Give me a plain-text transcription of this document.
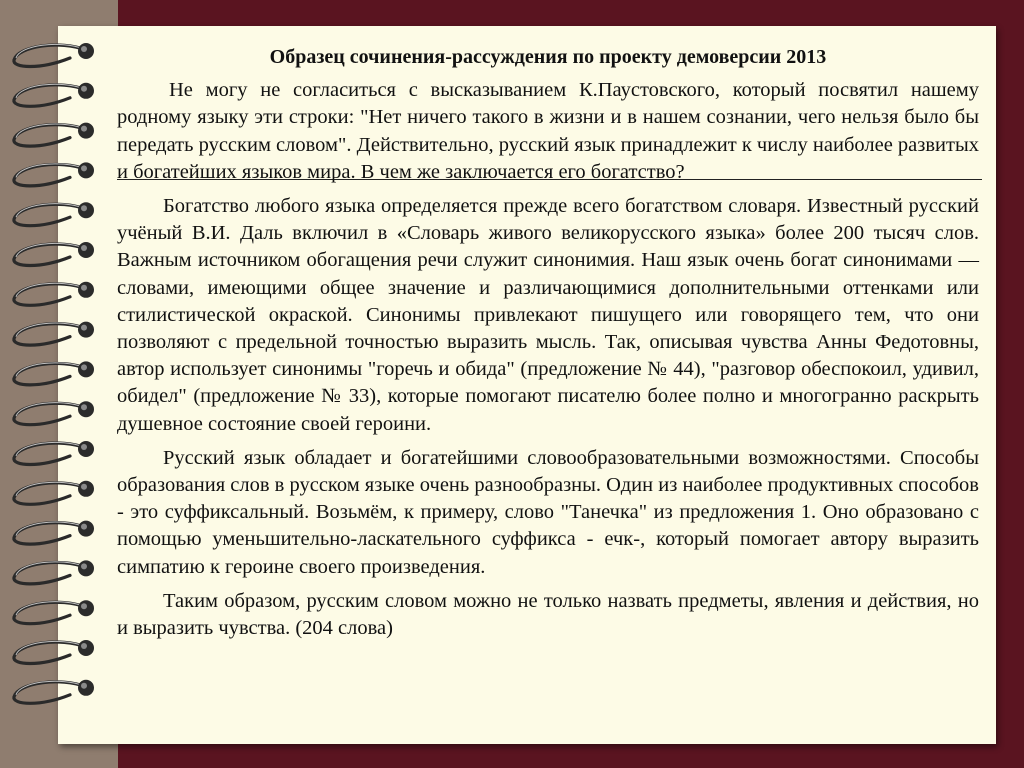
Образец сочинения-рассуждения по проекту демоверсии 2013

Не могу не согласиться с высказыванием К.Паустовского, который посвятил нашему родному языку эти строки: "Нет ничего такого в жизни и в нашем сознании, чего нельзя было бы передать русским словом". Действительно, русский язык принадлежит к числу наиболее развитых и богатейших языков мира. В чем же заключается его богатство?

Богатство любого языка определяется прежде всего богатством словаря. Известный русский учёный В.И. Даль включил в «Словарь живого великорусского языка» более 200 тысяч слов. Важным источником обогащения речи служит синонимия. Наш язык очень богат синонимами — словами, имеющими общее значение и различающимися дополнительными оттенками или стилистической окраской. Синонимы привлекают пишущего или говорящего тем, что они позволяют с предельной точностью выразить мысль. Так, описывая чувства Анны Федотовны, автор использует синонимы "горечь и обида" (предложение № 44), "разговор обеспокоил, удивил, обидел" (предложение № 33), которые помогают писателю более полно и многогранно раскрыть душевное состояние своей героини.

Русский язык обладает и богатейшими словообразовательными возможностями. Способы образования слов в русском языке очень разнообразны. Один из наиболее продуктивных способов - это суффиксальный. Возьмём, к примеру, слово "Танечка" из предложения 1. Оно образовано с помощью уменьшительно-ласкательного суффикса - ечк-, который помогает автору выразить симпатию к героине своего произведения.

Таким образом, русским словом можно не только назвать предметы, явления и действия, но и выразить чувства. (204 слова)
